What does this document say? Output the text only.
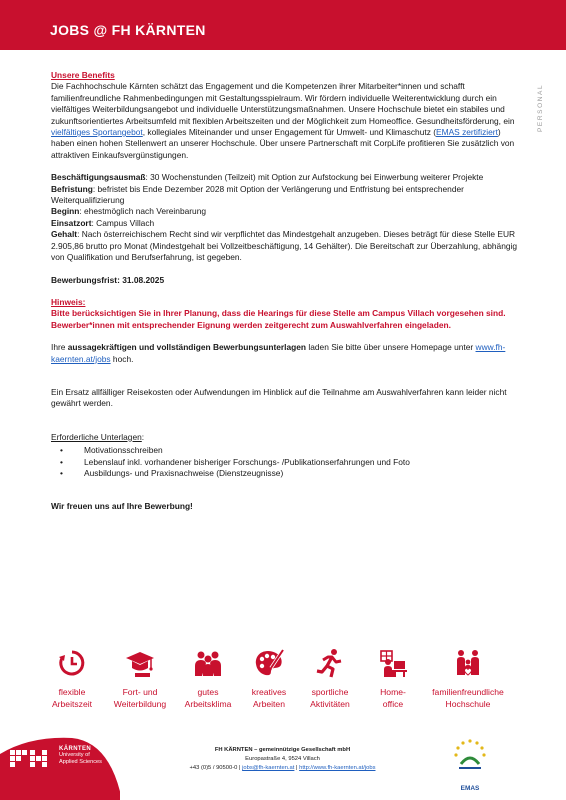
JOBS @ FH KÄRNTEN
PERSONAL

Unsere Benefits

Die Fachhochschule Kärnten schätzt das Engagement und die Kompetenzen ihrer Mitarbeiter*innen und schafft familienfreundliche Rahmenbedingungen mit Gestaltungsspielraum. Wir fördern individuelle Weiterentwicklung durch ein vielfältiges Weiterbildungsangebot und individuelle Unterstützungsmaßnahmen. Unsere Hochschule bietet ein stabiles und zukunftsorientiertes Arbeitsumfeld mit flexiblen Arbeitszeiten und der Möglichkeit zum Homeoffice. Gesundheitsförderung, ein vielfältiges Sportangebot, kollegiales Miteinander und unser Engagement für Umwelt- und Klimaschutz (EMAS zertifiziert) haben einen hohen Stellenwert an unserer Hochschule. Über unsere Partnerschaft mit CorpLife profitieren Sie zusätzlich von attraktiven Einkaufsvergünstigungen.

Beschäftigungsausmaß: 30 Wochenstunden (Teilzeit) mit Option zur Aufstockung bei Einwerbung weiterer Projekte

Befristung: befristet bis Ende Dezember 2028 mit Option der Verlängerung und Entfristung bei entsprechender Weiterqualifizierung

Beginn: ehestmöglich nach Vereinbarung

Einsatzort: Campus Villach

Gehalt: Nach österreichischem Recht sind wir verpflichtet das Mindestgehalt anzugeben. Dieses beträgt für diese Stelle EUR 2.905,86 brutto pro Monat (Mindestgehalt bei Vollzeitbeschäftigung, 14 Gehälter). Die Bereitschaft zur Überzahlung, abhängig von Qualifikation und Berufserfahrung, ist gegeben.

Bewerbungsfrist: 31.08.2025

Hinweis:

Bitte berücksichtigen Sie in Ihrer Planung, dass die Hearings für diese Stelle am Campus Villach vorgesehen sind. Bewerber*innen mit entsprechender Eignung werden zeitgerecht zum Auswahlverfahren eingeladen.

Ihre aussagekräftigen und vollständigen Bewerbungsunterlagen laden Sie bitte über unsere Homepage unter www.fh-kaernten.at/jobs hoch.

Ein Ersatz allfälliger Reisekosten oder Aufwendungen im Hinblick auf die Teilnahme am Auswahlverfahren kann leider nicht gewährt werden.

Erforderliche Unterlagen:

• Motivationsschreiben
• Lebenslauf inkl. vorhandener bisheriger Forschungs- /Publikationserfahrungen und Foto
• Ausbildungs- und Praxisnachweise (Dienstzeugnisse)

Wir freuen uns auf Ihre Bewerbung!

flexible
Arbeitszeit
Fort- und
Weiterbildung
gutes
Arbeitsklima
kreatives
Arbeiten
sportliche
Aktivitäten
Home-
office
familienfreundliche
Hochschule
KÄRNTEN
University of
Applied Sciences
FH KÄRNTEN – gemeinnützige Gesellschaft mbH
Europastraße 4, 9524 Villach
+43 (0)5 / 90500-0 | jobs@fh-kaernten.at | http://www.fh-kaernten.at/jobs
EMAS
